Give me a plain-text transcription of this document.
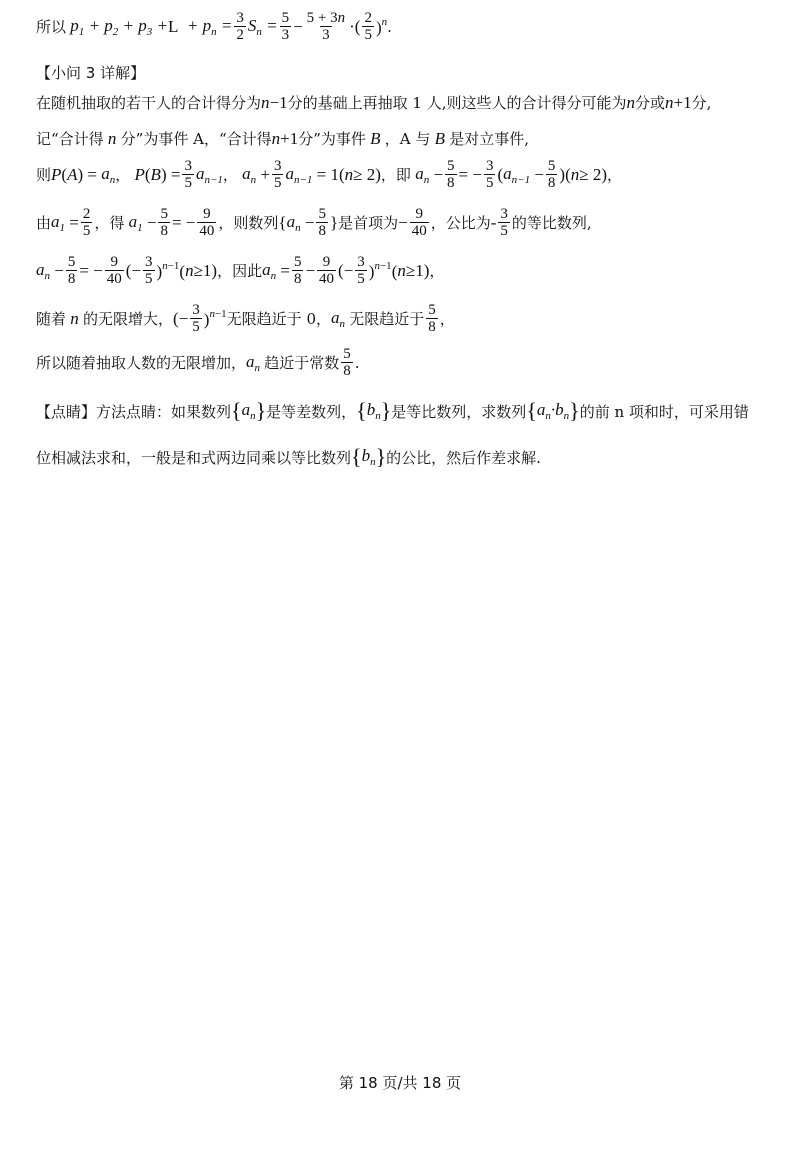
所以 $p_1 + p_2 + p_3 + L + p_n = \frac{3}{2} S_n = \frac{5}{3} - \frac{5 + 3n}{3}$ ·( $\frac{2}{5} )^n$ .
【小问 3 详解】
在随机抽取的若干人的合计得分为 n −1 分的基础上再抽取 1 人,则这些人的合计得分可能为 n 分或 n +1 分,
记“合计得 n 分”为事件 A，“合计得 n +1 分”为事件 B ，A 与 B 是对立事件,
则 P ( A ) = $a_n$ ， P ( B ) = $\frac{3}{5} a_{n-1}$ ， $a_n + \frac{3}{5} a_{n-1} = 1$( n ≥ 2) ，即 $a_n - \frac{5}{8}$ = − $\frac{3}{5}$ ( $a_{n-1} - \frac{5}{8}$ )( n ≥ 2) ，
由 $a_1 = \frac{2}{5}$ ，得 $a_1 - \frac{5}{8}$ = − $\frac{9}{40}$ ，则数列 { $a_n - \frac{5}{8}$ } 是首项为 − $\frac{9}{40}$ ，公比为 - $\frac{3}{5}$ 的等比数列,
$a_n - \frac{5}{8}$ = − $\frac{9}{40}$ (− $\frac{3}{5} )^{n-1}$( n ≥1) ，因此 $a_n = \frac{5}{8} - \frac{9}{40}$ (− $\frac{3}{5} )^{n-1}$( n ≥1) ，
随着 n 的无限增大， (− $\frac{3}{5} )^{n-1}$ 无限趋近于 0， $a_n$ 无限趋近于 $\frac{5}{8}$ ，
所以随着抽取人数的无限增加， $a_n$ 趋近于常数 $\frac{5}{8}$ .
【点睛】 方法点睛：如果数列 { $a_n$ } 是等差数列， { $b_n$ } 是等比数列，求数列 { $a_n\cdot b_n$ } 的前 n 项和时，可采用错
位相减法求和，一般是和式两边同乘以等比数列 { $b_n$ } 的公比，然后作差求解.
第 18 页/共 18 页
